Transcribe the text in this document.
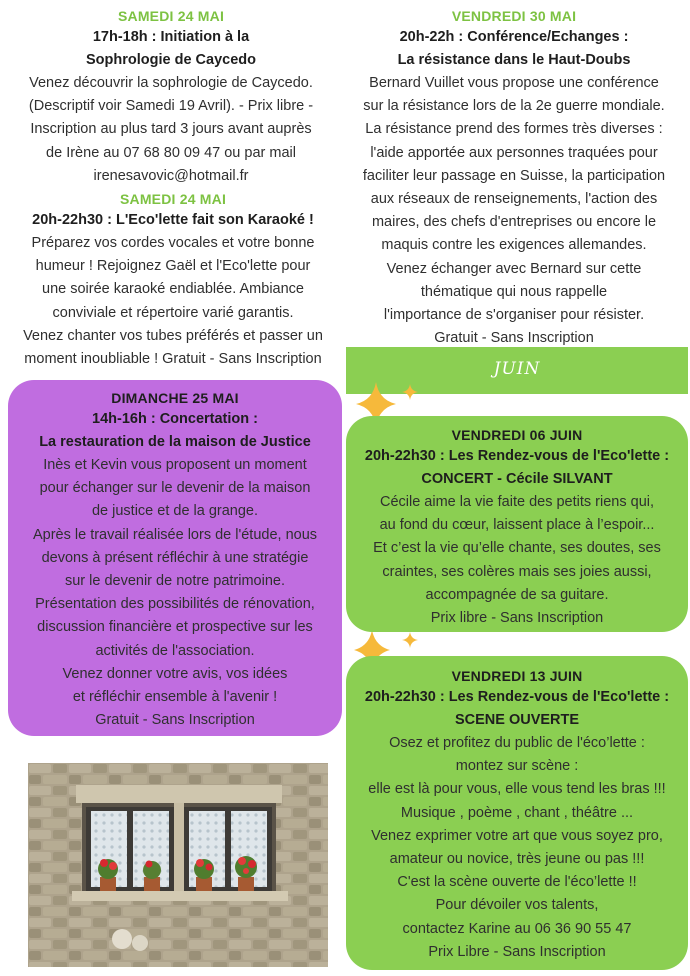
SAMEDI 24 MAI
17h-18h : Initiation à la
Sophrologie de Caycedo
Venez découvrir la sophrologie de Caycedo.
(Descriptif voir Samedi 19 Avril). - Prix libre -
Inscription au plus tard 3 jours avant auprès
de Irène au 07 68 80 09 47 ou par mail
irenesavovic@hotmail.fr
SAMEDI 24 MAI
20h-22h30 : L'Eco'lette fait son Karaoké !
Préparez vos cordes vocales et votre bonne
humeur ! Rejoignez Gaël et l'Eco'lette pour
une soirée karaoké endiablée. Ambiance
conviviale et répertoire varié garantis.
Venez chanter vos tubes préférés et passer un
moment inoubliable ! Gratuit - Sans Inscription
VENDREDI 30 MAI
20h-22h : Conférence/Echanges :
La résistance dans le Haut-Doubs
Bernard Vuillet vous propose une conférence
sur la résistance lors de la 2e guerre mondiale.
La résistance prend des formes très diverses :
l'aide apportée aux personnes traquées pour
faciliter leur passage en Suisse, la participation
aux réseaux de renseignements, l'action des
maires, des chefs d'entreprises ou encore le
maquis contre les exigences allemandes.
Venez échanger avec Bernard sur cette
thématique qui nous rappelle
l'importance de s'organiser pour résister.
Gratuit - Sans Inscription
JUIN
DIMANCHE 25 MAI
14h-16h : Concertation :
La restauration de la maison de Justice
Inès et Kevin vous proposent un moment
pour échanger sur le devenir de la maison
de justice et de la grange.
Après le travail réalisée lors de l'étude, nous
devons à présent réfléchir à une stratégie
sur le devenir de notre patrimoine.
Présentation des possibilités de rénovation,
discussion financière et prospective sur les
activités de l'association.
Venez donner votre avis, vos idées
et réfléchir ensemble à l'avenir !
Gratuit - Sans Inscription
VENDREDI 06 JUIN
20h-22h30 : Les Rendez-vous de l'Eco'lette :
CONCERT - Cécile SILVANT
Cécile aime la vie faite des petits riens qui,
au fond du cœur, laissent place à l’espoir...
Et c’est la vie qu’elle chante, ses doutes, ses
craintes, ses colères mais ses joies aussi,
accompagnée de sa guitare.
Prix libre - Sans Inscription
VENDREDI 13 JUIN
20h-22h30 : Les Rendez-vous de l'Eco'lette :
SCENE OUVERTE
Osez et profitez du public de l'éco’lette :
montez sur scène :
elle est là pour vous, elle vous tend les bras !!!
Musique , poème , chant , théâtre ...
Venez exprimer votre art que vous soyez pro,
amateur ou novice, très jeune ou pas !!!
C'est la scène ouverte de l'éco’lette !!
Pour dévoiler vos talents,
contactez Karine au 06 36 90 55 47
Prix Libre - Sans Inscription
